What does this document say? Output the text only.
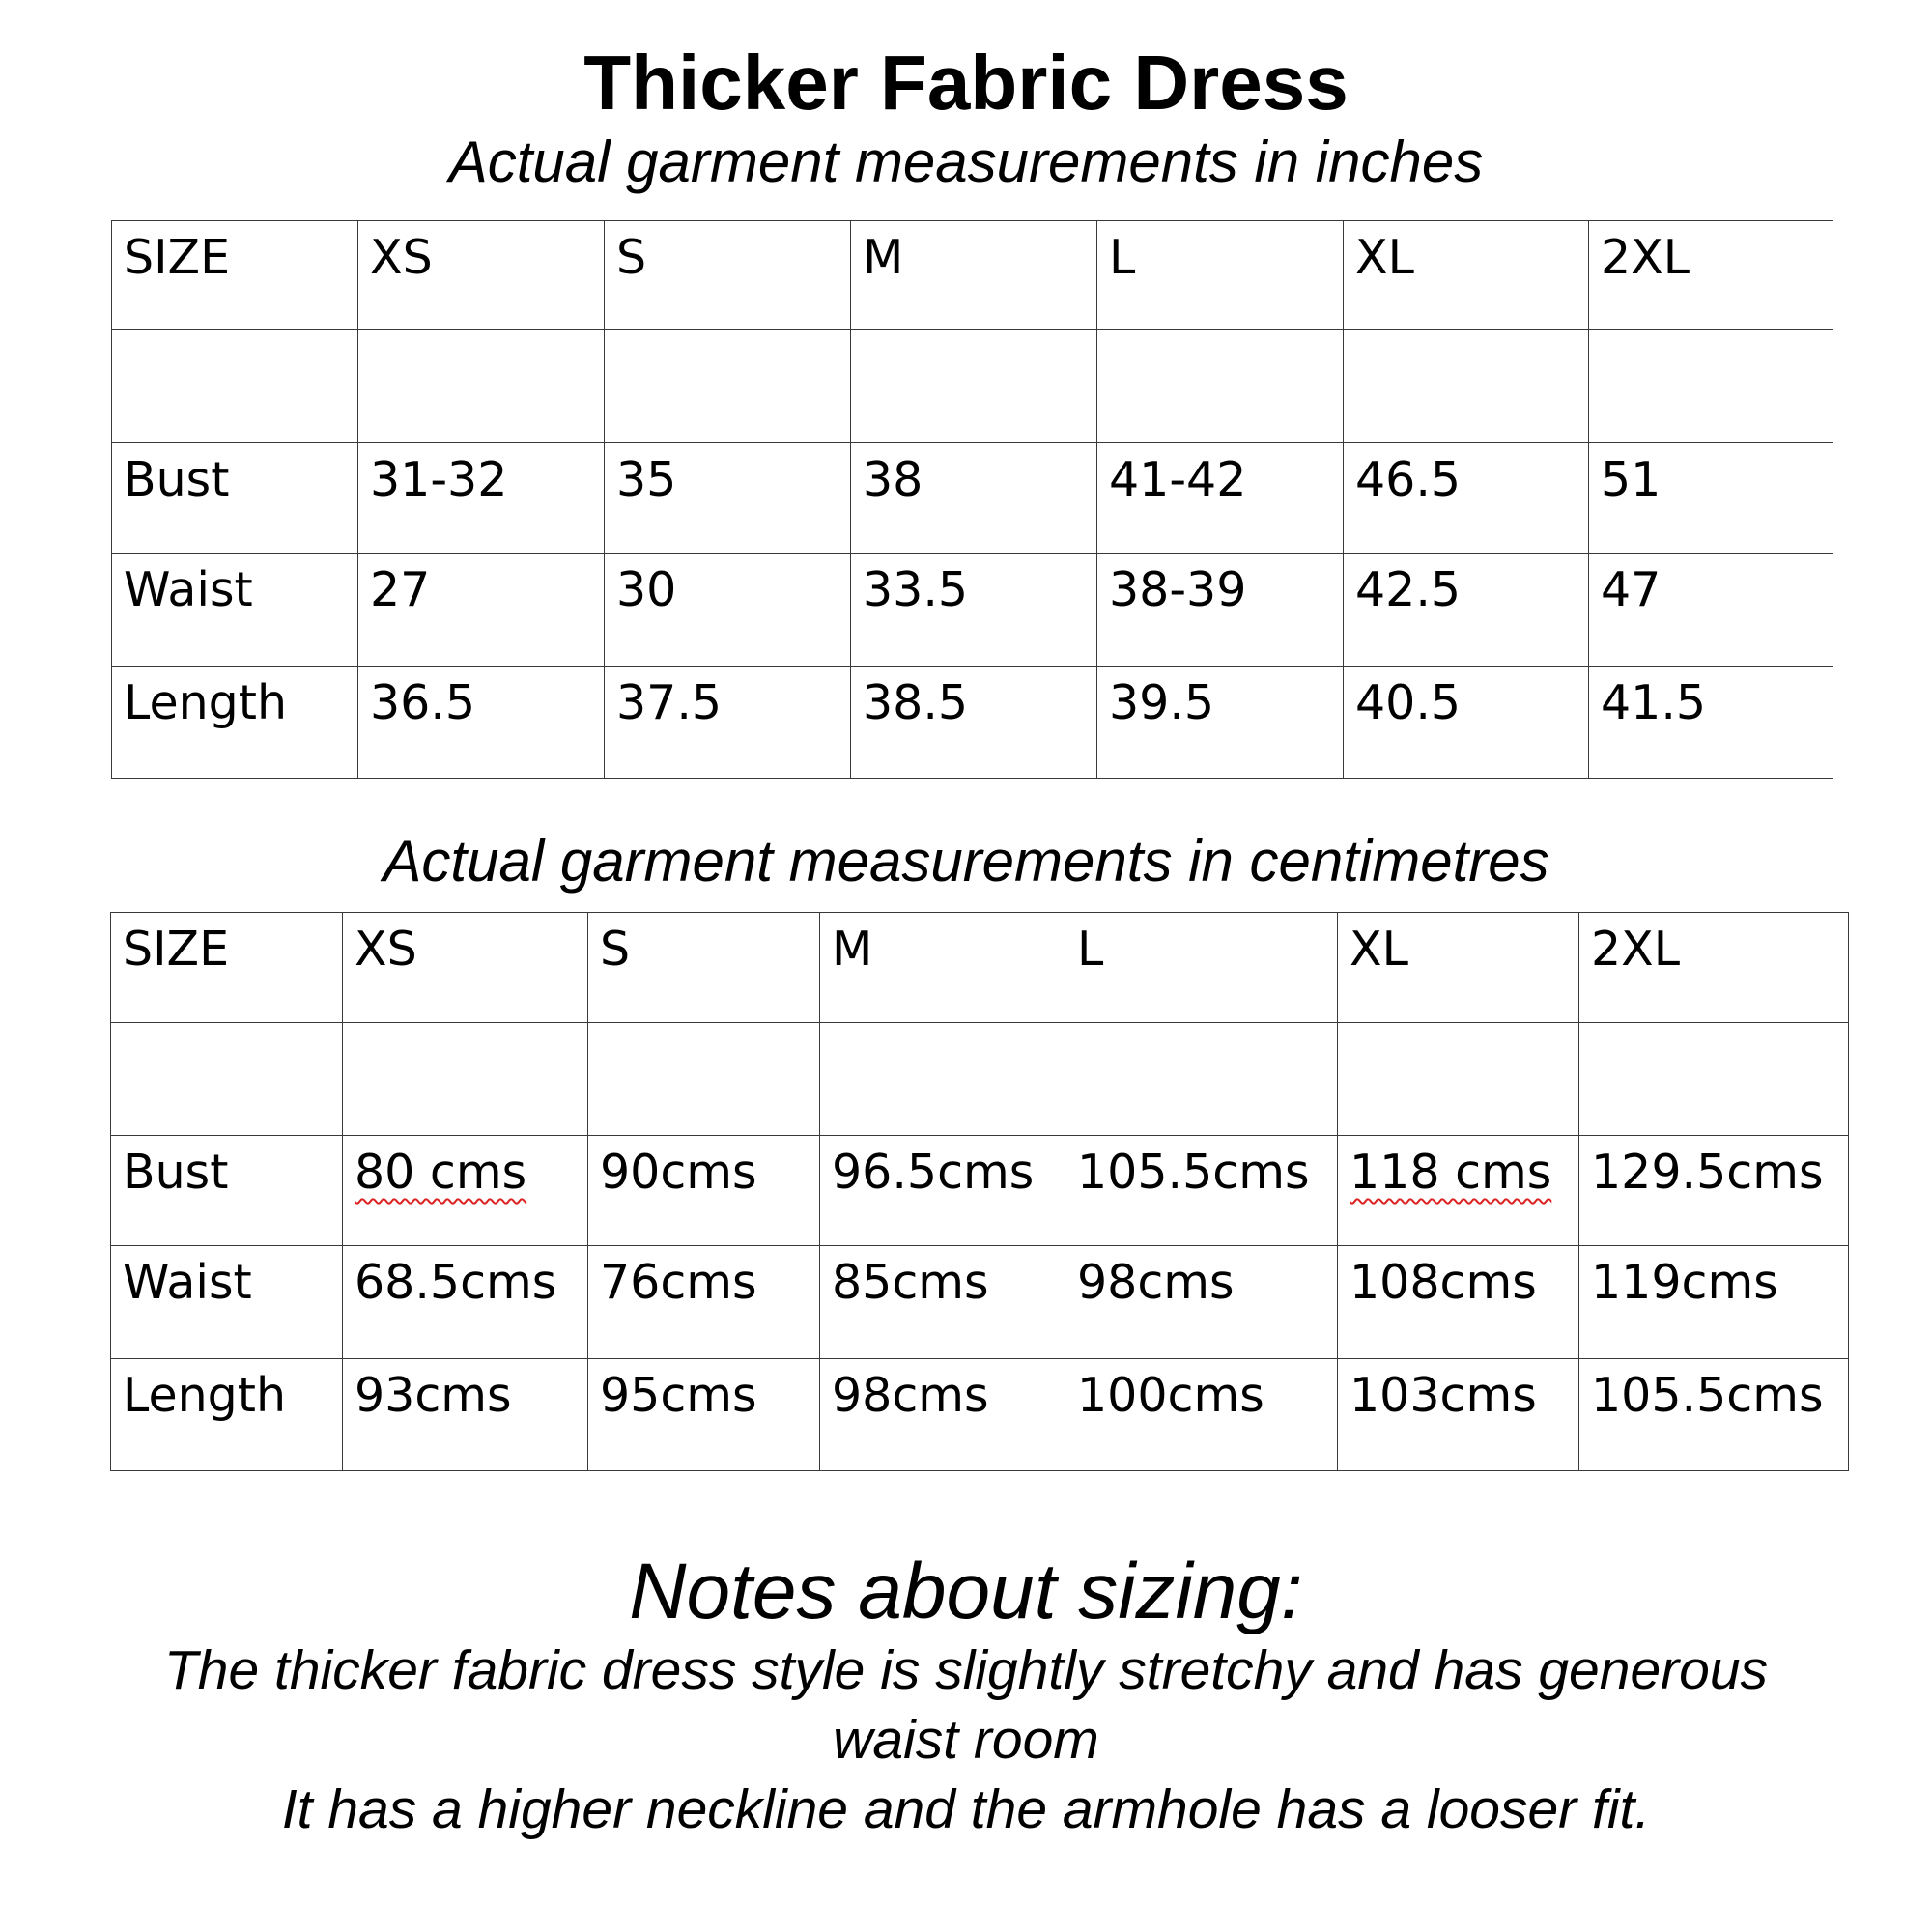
Thicker Fabric Dress
Actual garment measurements in inches
SIZE	XS	S	M	L	XL	2XL

Bust	31-32	35	38	41-42	46.5	51
Waist	27	30	33.5	38-39	42.5	47
Length	36.5	37.5	38.5	39.5	40.5	41.5
Actual garment measurements in centimetres
SIZE	XS	S	M	L	XL	2XL

Bust	80 cms	90cms	96.5cms	105.5cms	118 cms	129.5cms
Waist	68.5cms	76cms	85cms	98cms	108cms	119cms
Length	93cms	95cms	98cms	100cms	103cms	105.5cms
Notes about sizing:
The thicker fabric dress style is slightly stretchy and has generous
waist room
It has a higher neckline and the armhole has a looser fit.
